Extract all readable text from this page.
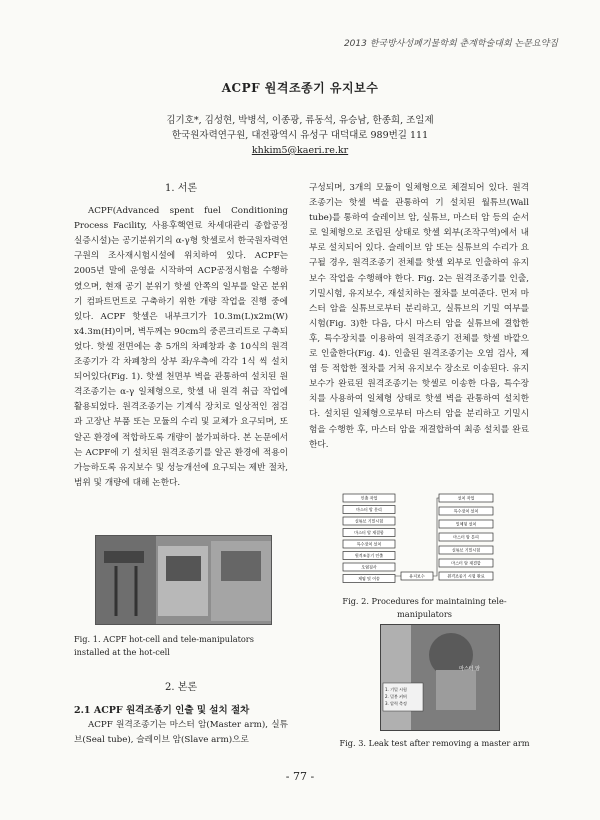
2013 한국방사성폐기물학회 춘계학술대회 논문요약집
ACPF 원격조종기 유지보수
김기호*, 김성현, 박병석, 이종광, 류동석, 유승남, 한종희, 조일제
한국원자력연구원, 대전광역시 유성구 대덕대로 989번길 111
khkim5@kaeri.re.kr

1. 서론

ACPF(Advanced spent fuel Conditioning Process Facility, 사용후핵연료 차세대관리 종합공정 실증시설)는 공기분위기의 α-γ형 핫셀로서 한국원자력연구원의 조사재시험시설에 위치하여 있다. ACPF는 2005년 말에 운영을 시작하여 ACP공정시험을 수행하였으며, 현재 공기 분위기 핫셀 안쪽의 일부를 알곤 분위기 컴파트먼트로 구축하기 위한 개량 작업을 진행 중에 있다. ACPF 핫셀은 내부크기가 10.3m(L)x2m(W) x4.3m(H)이며, 벽두께는 90cm의 중콘크리트로 구축되었다. 핫셀 전면에는 총 5개의 차폐창과 총 10식의 원격조종기가 각 차폐창의 상부 좌/우측에 각각 1식 씩 설치되어있다(Fig. 1). 핫셀 천면부 벽을 관통하여 설치된 원격조종기는 α-γ 일체형으로, 핫셀 내 원격 취급 작업에 활용되었다. 원격조종기는 기계식 장치로 일상적인 점검과 고장난 부품 또는 모듈의 수리 및 교체가 요구되며, 또 알곤 환경에 적합하도록 개량이 불가피하다. 본 논문에서는 ACPF에 기 설치된 원격조종기를 알곤 환경에 적용이 가능하도록 유지보수 및 성능개선에 요구되는 제반 절차, 범위 및 개량에 대해 논한다.

Fig. 1. ACPF hot-cell and tele-manipulators installed at the hot-cell

2. 본론

2.1 ACPF 원격조종기 인출 및 설치 절차

ACPF 원격조종기는 마스터 암(Master arm), 실튜브(Seal tube), 슬레이브 암(Slave arm)으로

구성되며, 3개의 모듈이 일체형으로 체결되어 있다. 원격조종기는 핫셀 벽을 관통하여 기 설치된 월튜브(Wall tube)를 통하여 슬레이브 암, 실튜브, 마스터 암 등의 순서로 일체형으로 조립된 상태로 핫셀 외부(조작구역)에서 내부로 설치되어 있다. 슬레이브 암 또는 실튜브의 수리가 요구될 경우, 원격조종기 전체를 핫셀 외부로 인출하여 유지보수 작업을 수행해야 한다. Fig. 2는 원격조종기를 인출, 기밀시험, 유지보수, 재설치하는 절차를 보여준다. 먼저 마스터 암을 실튜브로부터 분리하고, 실튜브의 기밀 여부를 시험(Fig. 3)한 다음, 다시 마스터 암을 실튜브에 결합한 후, 특수장치를 이용하여 원격조종기 전체를 핫셀 바깥으로 인출한다(Fig. 4). 인출된 원격조종기는 오염 검사, 제염 등 적합한 절차를 거쳐 유지보수 장소로 이송된다. 유지보수가 완료된 원격조종기는 핫셀로 이송한 다음, 특수장치를 사용하여 일체형 상태로 핫셀 벽을 관통하여 설치한다. 설치된 일체형으로부터 마스터 암을 분리하고 기밀시험을 수행한 후, 마스터 암을 재결합하여 최종 설치를 완료한다.
인출 작업
마스터 암 분리
실튜브 기밀시험
마스터 암 재결합
특수장치 설치
원격조종기 인출
오염검사
제염 및 이송
설치 작업
특수장치 설치
일체형 설치
마스터 암 분리
실튜브 기밀시험
마스터 암 재결합
원격조종기 시험 완료
유지보수
Fig. 2. Procedures for maintaining tele-manipulators
마스터 암
1. 기밀 시험
2. 밀봉 커버
3. 압력 측정
Fig. 3. Leak test after removing a master arm
- 77 -
